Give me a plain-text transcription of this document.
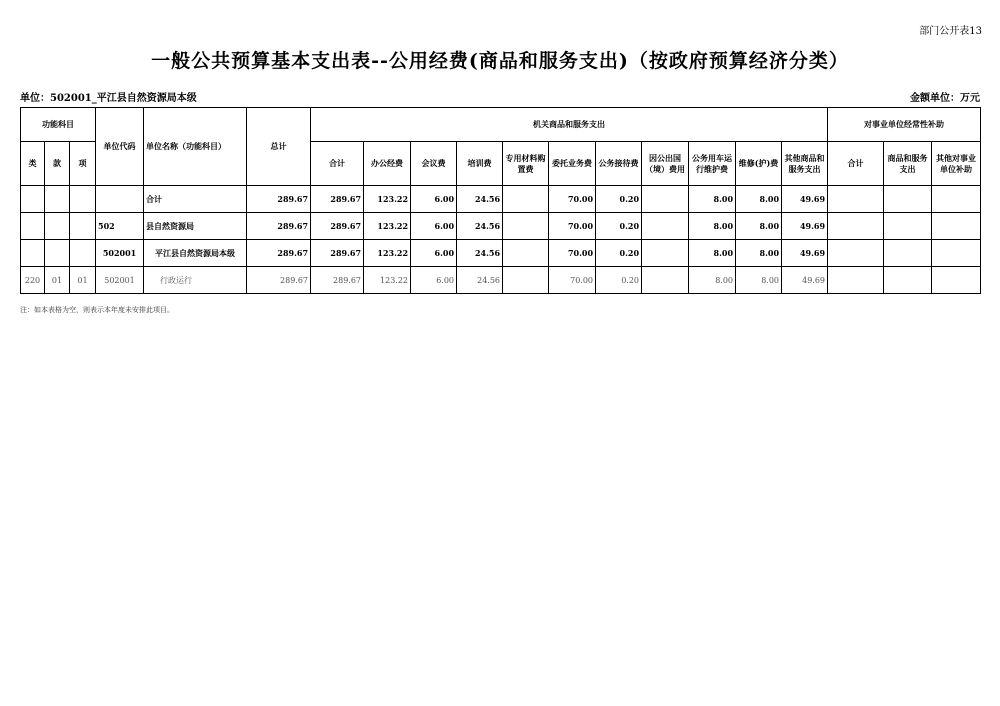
部门公开表13
一般公共预算基本支出表--公用经费(商品和服务支出)（按政府预算经济分类）
单位：502001_平江县自然资源局本级	金额单位：万元
功能科目			单位代码	单位名称（功能科目）	总计	机关商品和服务支出											对事业单位经常性补助		
类	款	项				合计	办公经费	会议费	培训费	专用材料购置费	委托业务费	公务接待费	因公出国（境）费用	公务用车运行维护费	维修(护)费	其他商品和服务支出	合计	商品和服务支出	其他对事业单位补助
				合计	289.67	289.67	123.22	6.00	24.56		70.00	0.20		8.00	8.00	49.69			
			502	县自然资源局	289.67	289.67	123.22	6.00	24.56		70.00	0.20		8.00	8.00	49.69			
			502001	平江县自然资源局本级	289.67	289.67	123.22	6.00	24.56		70.00	0.20		8.00	8.00	49.69			
220	01	01	502001	行政运行	289.67	289.67	123.22	6.00	24.56		70.00	0.20		8.00	8.00	49.69			
注：如本表格为空，则表示本年度未安排此项目。
